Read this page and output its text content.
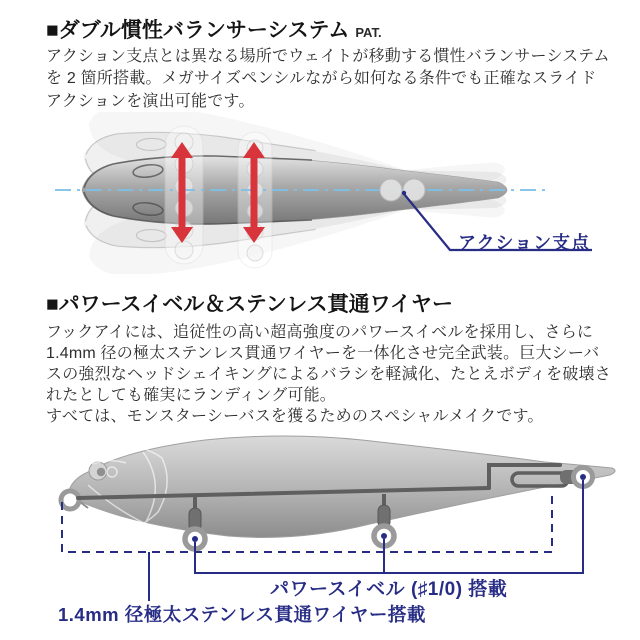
■ダブル慣性バランサーシステム PAT.
アクション支点とは異なる場所でウェイトが移動する慣性バランサーシステム
を 2 箇所搭載。メガサイズペンシルながら如何なる条件でも正確なスライド
アクションを演出可能です。
アクション支点
■パワースイベル＆ステンレス貫通ワイヤー
フックアイには、追従性の高い超高強度のパワースイベルを採用し、さらに
1.4mm 径の極太ステンレス貫通ワイヤーを一体化させ完全武装。巨大シーバ
スの強烈なヘッドシェイキングによるバラシを軽減化、たとえボディを破壊さ
れたとしても確実にランディング可能。
すべては、モンスターシーバスを獲るためのスペシャルメイクです。
パワースイベル (♯1/0) 搭載
1.4mm 径極太ステンレス貫通ワイヤー搭載
